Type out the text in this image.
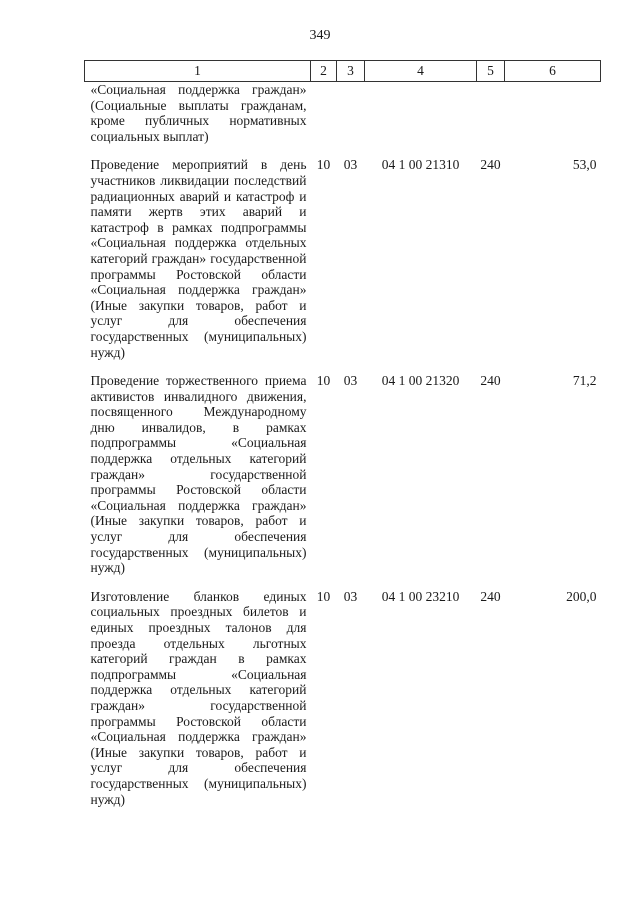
349
1	2	3	4	5	6
«Социальная поддержка граждан» (Социальные выплаты гражданам, кроме публичных нормативных социальных выплат)					
Проведение мероприятий в день участников ликвидации последствий радиационных аварий и катастроф и памяти жертв этих аварий и катастроф в рамках подпрограммы «Социальная поддержка отдельных категорий граждан» государственной программы Ростовской области «Социальная поддержка граждан» (Иные закупки товаров, работ и услуг для обеспечения государственных (муниципальных) нужд)	10	03	04 1 00 21310	240	53,0
Проведение торжественного приема активистов инвалидного движения, посвященного Международному дню инвалидов, в рамках подпрограммы «Социальная поддержка отдельных категорий граждан» государственной программы Ростовской области «Социальная поддержка граждан» (Иные закупки товаров, работ и услуг для обеспечения государственных (муниципальных) нужд)	10	03	04 1 00 21320	240	71,2
Изготовление бланков единых социальных проездных билетов и единых проездных талонов для проезда отдельных льготных категорий граждан в рамках подпрограммы «Социальная поддержка отдельных категорий граждан» государственной программы Ростовской области «Социальная поддержка граждан» (Иные закупки товаров, работ и услуг для обеспечения государственных (муниципальных) нужд)	10	03	04 1 00 23210	240	200,0
